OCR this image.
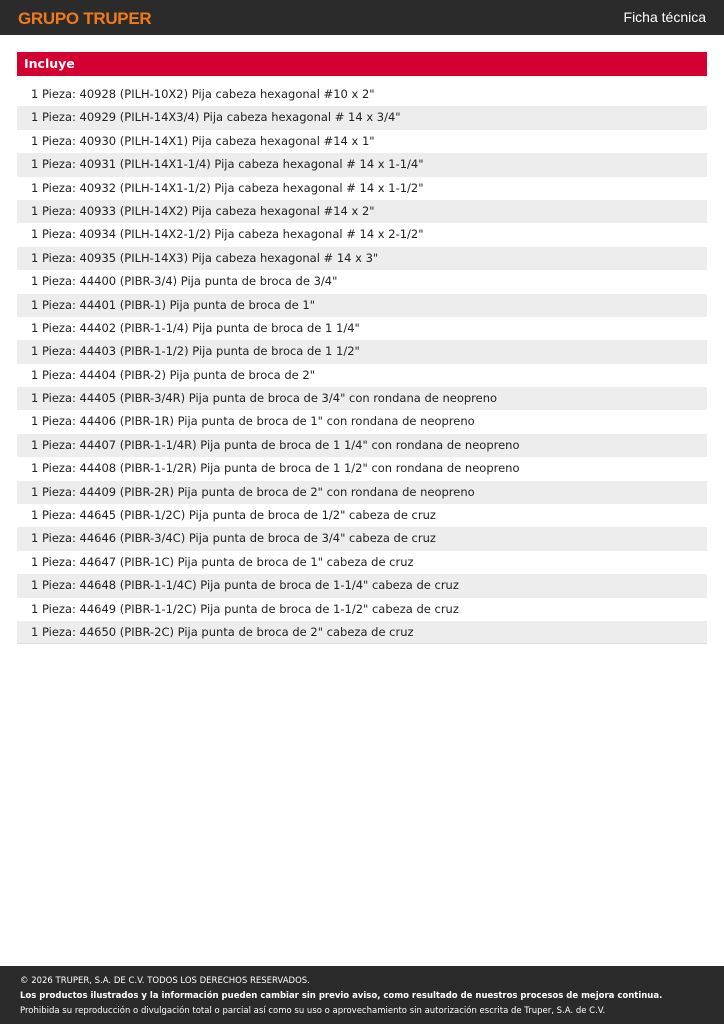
GRUPO TRUPER	Ficha técnica
Incluye
1 Pieza: 40928 (PILH-10X2) Pija cabeza hexagonal #10 x 2"
1 Pieza: 40929 (PILH-14X3/4) Pija cabeza hexagonal # 14 x 3/4"
1 Pieza: 40930 (PILH-14X1) Pija cabeza hexagonal #14 x 1"
1 Pieza: 40931 (PILH-14X1-1/4) Pija cabeza hexagonal # 14 x 1-1/4"
1 Pieza: 40932 (PILH-14X1-1/2) Pija cabeza hexagonal # 14 x 1-1/2"
1 Pieza: 40933 (PILH-14X2) Pija cabeza hexagonal #14 x 2"
1 Pieza: 40934 (PILH-14X2-1/2) Pija cabeza hexagonal # 14 x 2-1/2"
1 Pieza: 40935 (PILH-14X3) Pija cabeza hexagonal # 14 x 3"
1 Pieza: 44400 (PIBR-3/4) Pija punta de broca de 3/4"
1 Pieza: 44401 (PIBR-1) Pija punta de broca de 1"
1 Pieza: 44402 (PIBR-1-1/4) Pija punta de broca de 1 1/4"
1 Pieza: 44403 (PIBR-1-1/2) Pija punta de broca de 1 1/2"
1 Pieza: 44404 (PIBR-2) Pija punta de broca de 2"
1 Pieza: 44405 (PIBR-3/4R) Pija punta de broca de 3/4" con rondana de neopreno
1 Pieza: 44406 (PIBR-1R) Pija punta de broca de 1" con rondana de neopreno
1 Pieza: 44407 (PIBR-1-1/4R) Pija punta de broca de 1 1/4" con rondana de neopreno
1 Pieza: 44408 (PIBR-1-1/2R) Pija punta de broca de 1 1/2" con rondana de neopreno
1 Pieza: 44409 (PIBR-2R) Pija punta de broca de 2" con rondana de neopreno
1 Pieza: 44645 (PIBR-1/2C) Pija punta de broca de 1/2" cabeza de cruz
1 Pieza: 44646 (PIBR-3/4C) Pija punta de broca de 3/4" cabeza de cruz
1 Pieza: 44647 (PIBR-1C) Pija punta de broca de 1" cabeza de cruz
1 Pieza: 44648 (PIBR-1-1/4C) Pija punta de broca de 1-1/4" cabeza de cruz
1 Pieza: 44649 (PIBR-1-1/2C) Pija punta de broca de 1-1/2" cabeza de cruz
1 Pieza: 44650 (PIBR-2C) Pija punta de broca de 2" cabeza de cruz
© 2026 TRUPER, S.A. DE C.V. TODOS LOS DERECHOS RESERVADOS.
Los productos ilustrados y la información pueden cambiar sin previo aviso, como resultado de nuestros procesos de mejora continua.
Prohibida su reproducción o divulgación total o parcial así como su uso o aprovechamiento sin autorización escrita de Truper, S.A. de C.V.
